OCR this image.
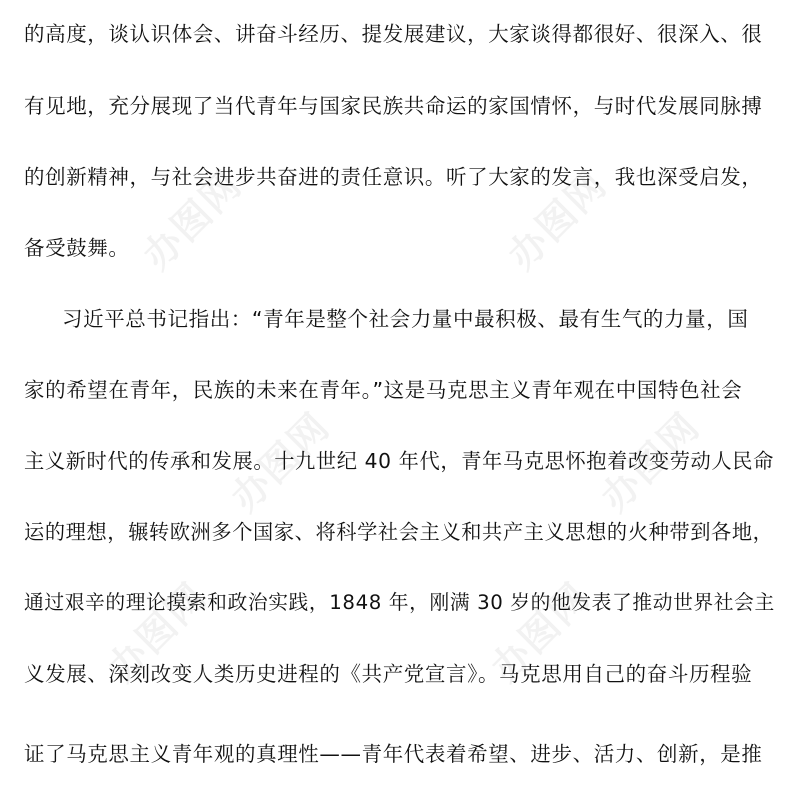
办图网	办图网
办图网	办图网
办图网	办图网
的高度，谈认识体会、讲奋斗经历、提发展建议，大家谈得都很好、很深入、很
有见地，充分展现了当代青年与国家民族共命运的家国情怀，与时代发展同脉搏
的创新精神，与社会进步共奋进的责任意识。听了大家的发言，我也深受启发，
备受鼓舞。
习近平总书记指出：“青年是整个社会力量中最积极、最有生气的力量，国
家的希望在青年，民族的未来在青年。”这是马克思主义青年观在中国特色社会
主义新时代的传承和发展。十九世纪 40 年代，青年马克思怀抱着改变劳动人民命
运的理想，辗转欧洲多个国家、将科学社会主义和共产主义思想的火种带到各地，
通过艰辛的理论摸索和政治实践，1848 年，刚满 30 岁的他发表了推动世界社会主
义发展、深刻改变人类历史进程的《共产党宣言》。马克思用自己的奋斗历程验
证了马克思主义青年观的真理性——青年代表着希望、进步、活力、创新，是推
